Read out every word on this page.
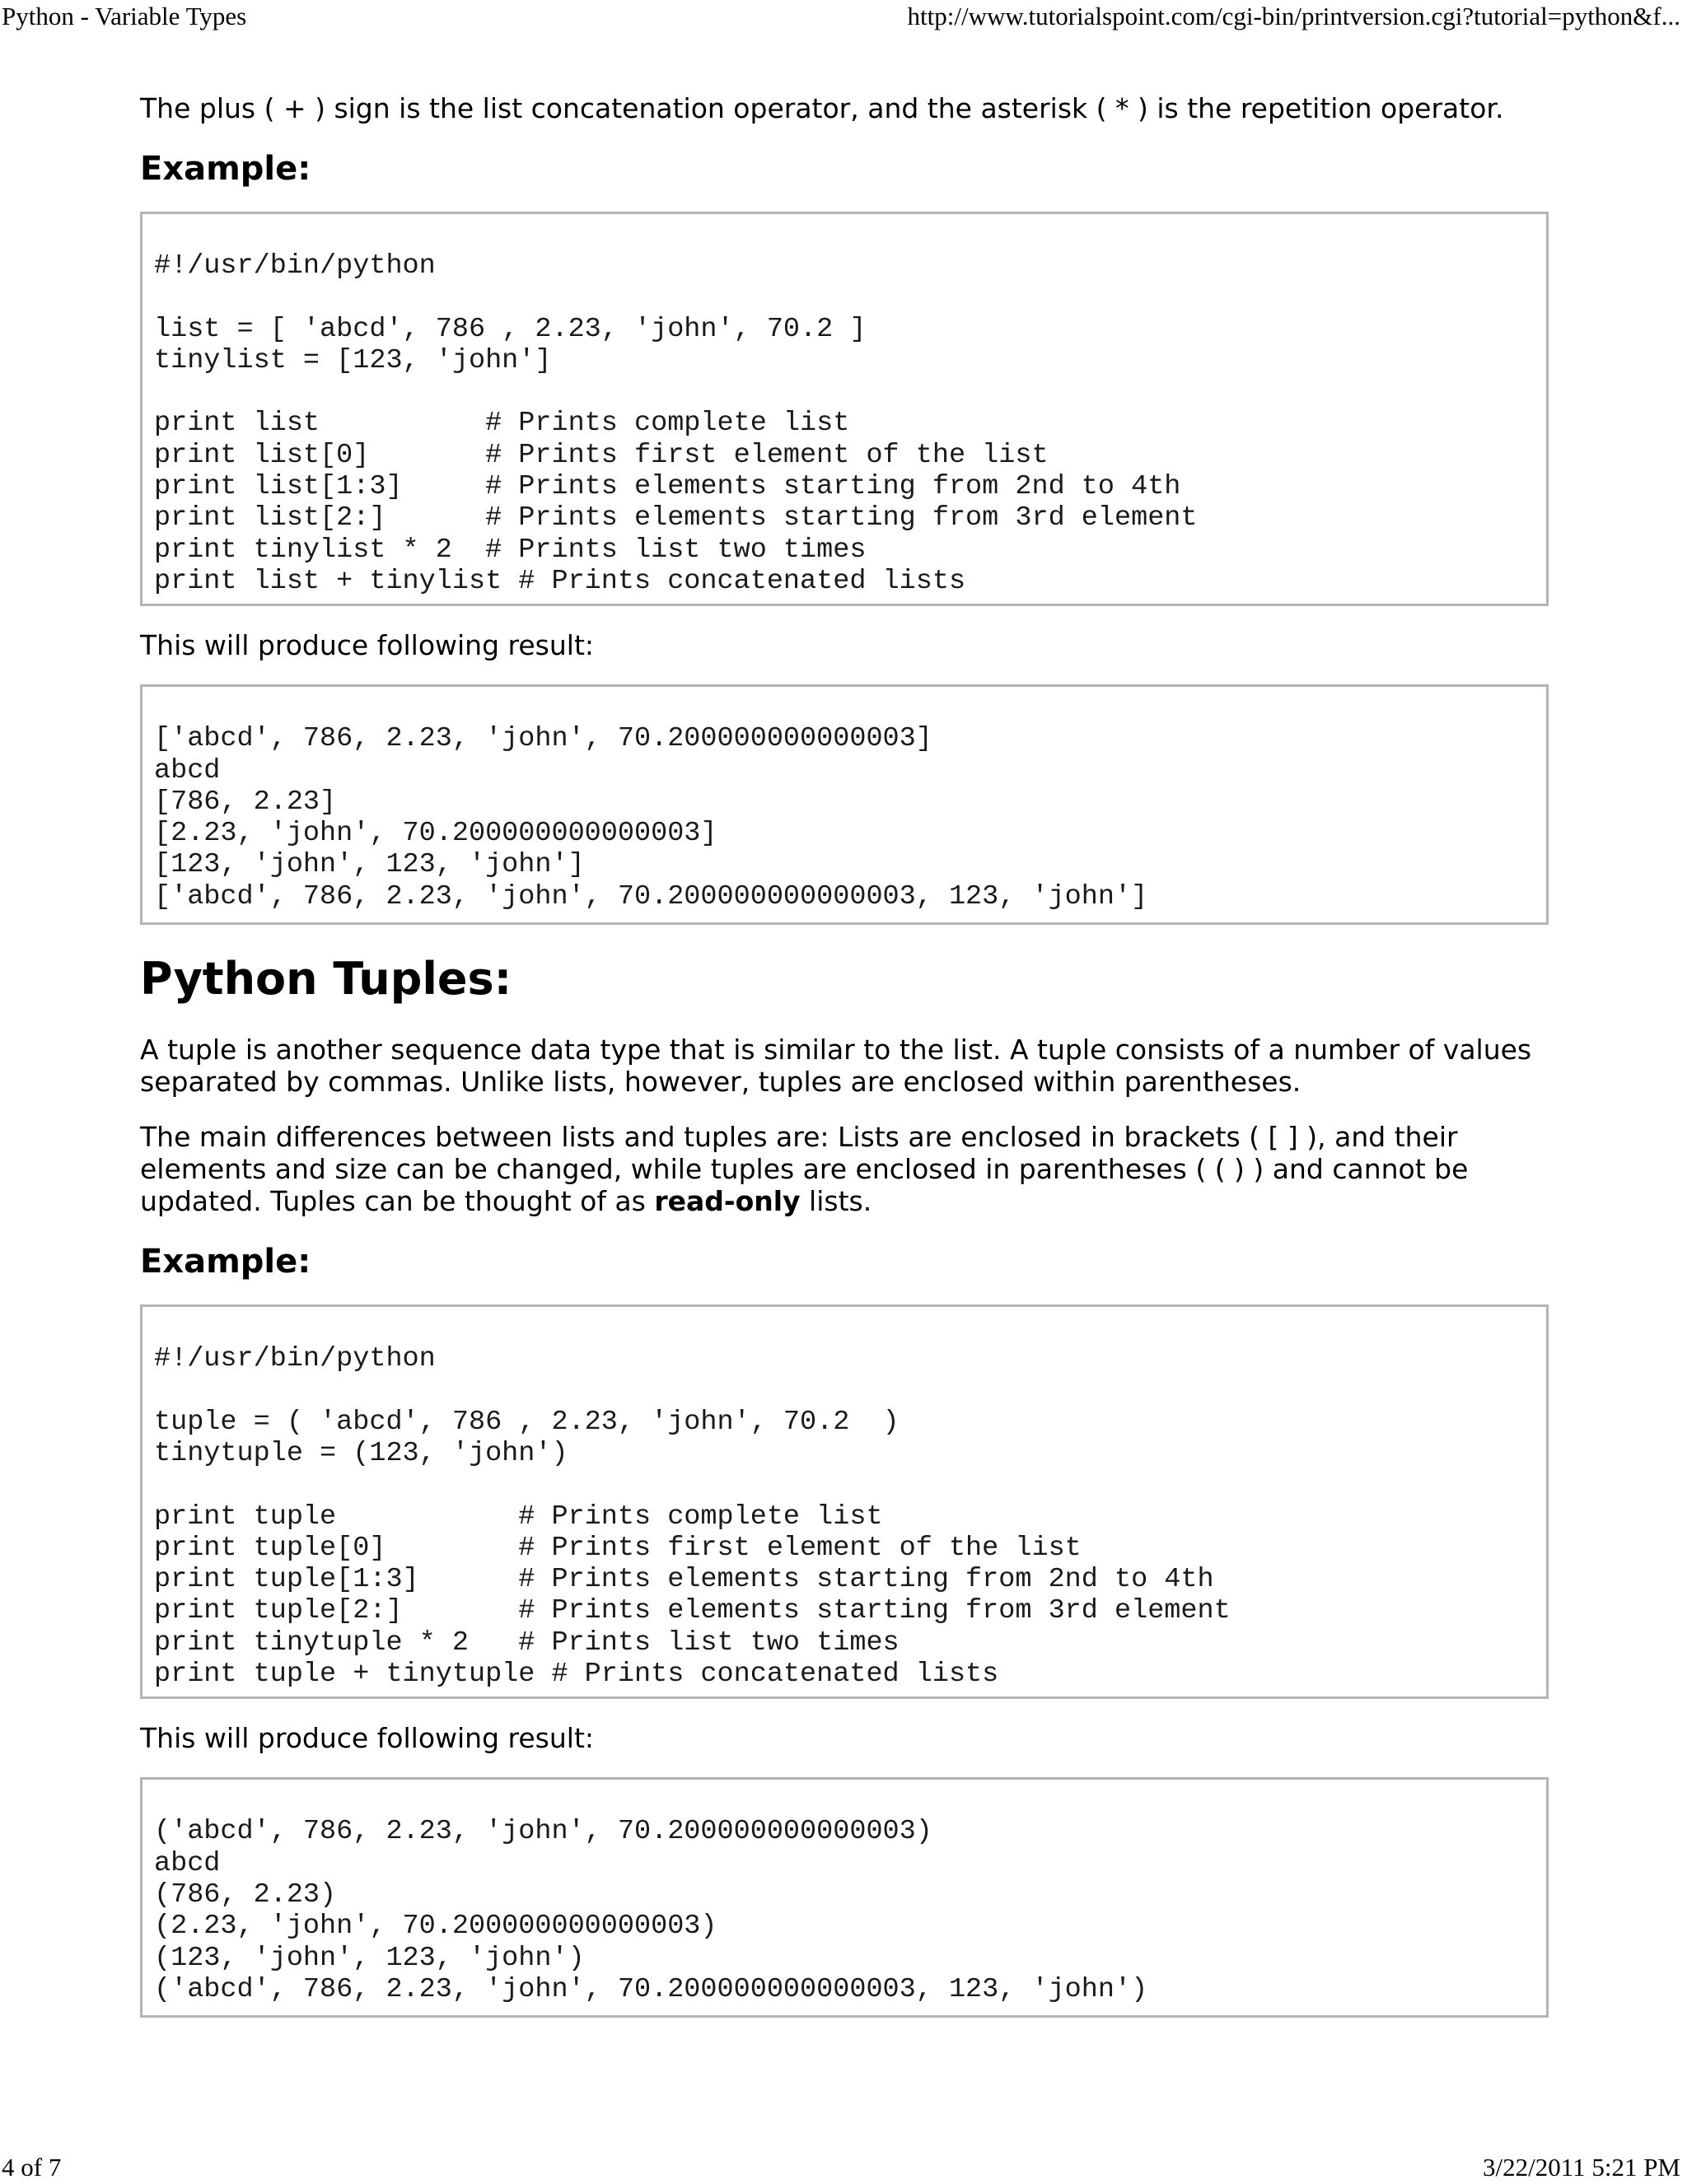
Python - Variable Types	http://www.tutorialspoint.com/cgi-bin/printversion.cgi?tutorial=python&f...

The plus ( + ) sign is the list concatenation operator, and the asterisk ( * ) is the repetition operator.

Example:
#!/usr/bin/python
list = [ 'abcd', 786 , 2.23, 'john', 70.2 ]
tinylist = [123, 'john']
print list          # Prints complete list
print list[0]       # Prints first element of the list
print list[1:3]     # Prints elements starting from 2nd to 4th
print list[2:]      # Prints elements starting from 3rd element
print tinylist * 2  # Prints list two times
print list + tinylist # Prints concatenated lists

This will produce following result:

['abcd', 786, 2.23, 'john', 70.200000000000003]
abcd
[786, 2.23]
[2.23, 'john', 70.200000000000003]
[123, 'john', 123, 'john']
['abcd', 786, 2.23, 'john', 70.200000000000003, 123, 'john']
Python Tuples:

A tuple is another sequence data type that is similar to the list. A tuple consists of a number of values separated by commas. Unlike lists, however, tuples are enclosed within parentheses.

The main differences between lists and tuples are: Lists are enclosed in brackets ( [ ] ), and their elements and size can be changed, while tuples are enclosed in parentheses ( ( ) ) and cannot be updated. Tuples can be thought of as read-only lists.

Example:
#!/usr/bin/python
tuple = ( 'abcd', 786 , 2.23, 'john', 70.2  )
tinytuple = (123, 'john')
print tuple           # Prints complete list
print tuple[0]        # Prints first element of the list
print tuple[1:3]      # Prints elements starting from 2nd to 4th
print tuple[2:]       # Prints elements starting from 3rd element
print tinytuple * 2   # Prints list two times
print tuple + tinytuple # Prints concatenated lists

This will produce following result:

('abcd', 786, 2.23, 'john', 70.200000000000003)
abcd
(786, 2.23)
(2.23, 'john', 70.200000000000003)
(123, 'john', 123, 'john')
('abcd', 786, 2.23, 'john', 70.200000000000003, 123, 'john')
4 of 7	3/22/2011 5:21 PM
